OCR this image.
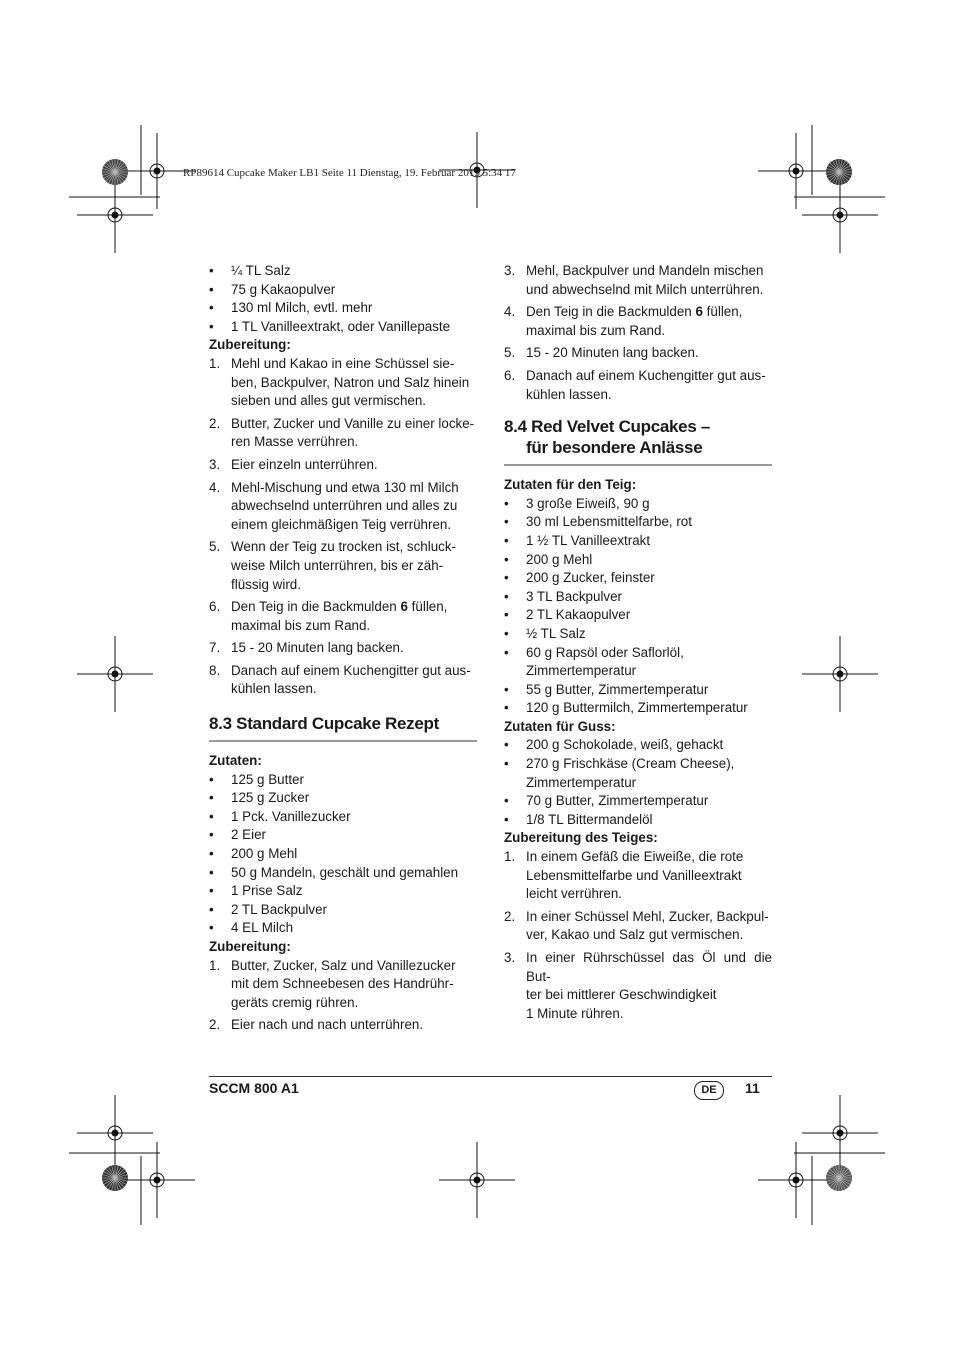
RP89614 Cupcake Maker LB1 Seite 11 Dienstag, 19. Februar 2013 5:34 17
•	¼ TL Salz
•	75 g Kakaopulver
•	130 ml Milch, evtl. mehr
•	1 TL Vanilleextrakt, oder Vanillepaste

Zubereitung:

1. Mehl und Kakao in eine Schüssel sie-
ben, Backpulver, Natron und Salz hinein
sieben und alles gut vermischen.
2. Butter, Zucker und Vanille zu einer locke-
ren Masse verrühren.
3. Eier einzeln unterrühren.
4. Mehl-Mischung und etwa 130 ml Milch
abwechselnd unterrühren und alles zu
einem gleichmäßigen Teig verrühren.
5. Wenn der Teig zu trocken ist, schluck-
weise Milch unterrühren, bis er zäh-
flüssig wird.
6. Den Teig in die Backmulden 6 füllen,
maximal bis zum Rand.
7. 15 - 20 Minuten lang backen.
8. Danach auf einem Kuchengitter gut aus-
kühlen lassen.
8.3 Standard Cupcake Rezept

Zutaten:

•	125 g Butter
•	125 g Zucker
•	1 Pck. Vanillezucker
•	2 Eier
•	200 g Mehl
•	50 g Mandeln, geschält und gemahlen
•	1 Prise Salz
•	2 TL Backpulver
•	4 EL Milch

Zubereitung:

1. Butter, Zucker, Salz und Vanillezucker
mit dem Schneebesen des Handrühr-
geräts cremig rühren.
2. Eier nach und nach unterrühren.
3. Mehl, Backpulver und Mandeln mischen
und abwechselnd mit Milch unterrühren.
4. Den Teig in die Backmulden 6 füllen,
maximal bis zum Rand.
5. 15 - 20 Minuten lang backen.
6. Danach auf einem Kuchengitter gut aus-
kühlen lassen.
8.4 Red Velvet Cupcakes –
für besondere Anlässe

Zutaten für den Teig:

•	3 große Eiweiß, 90 g
•	30 ml Lebensmittelfarbe, rot
•	1 ½ TL Vanilleextrakt
•	200 g Mehl
•	200 g Zucker, feinster
•	3 TL Backpulver
•	2 TL Kakaopulver
•	½ TL Salz
•	60 g Rapsöl oder Saflorlöl,
Zimmertemperatur
•	55 g Butter, Zimmertemperatur
•	120 g Buttermilch, Zimmertemperatur

Zutaten für Guss:

•	200 g Schokolade, weiß, gehackt
•	270 g Frischkäse (Cream Cheese),
Zimmertemperatur
•	70 g Butter, Zimmertemperatur
•	1/8 TL Bittermandelöl

Zubereitung des Teiges:

1. In einem Gefäß die Eiweiße, die rote
Lebensmittelfarbe und Vanilleextrakt
leicht verrühren.
2. In einer Schüssel Mehl, Zucker, Backpul-
ver, Kakao und Salz gut vermischen.
3. In einer Rührschüssel das Öl und die But-
ter bei mittlerer Geschwindigkeit
1 Minute rühren.
SCCM 800 A1	DE	11
